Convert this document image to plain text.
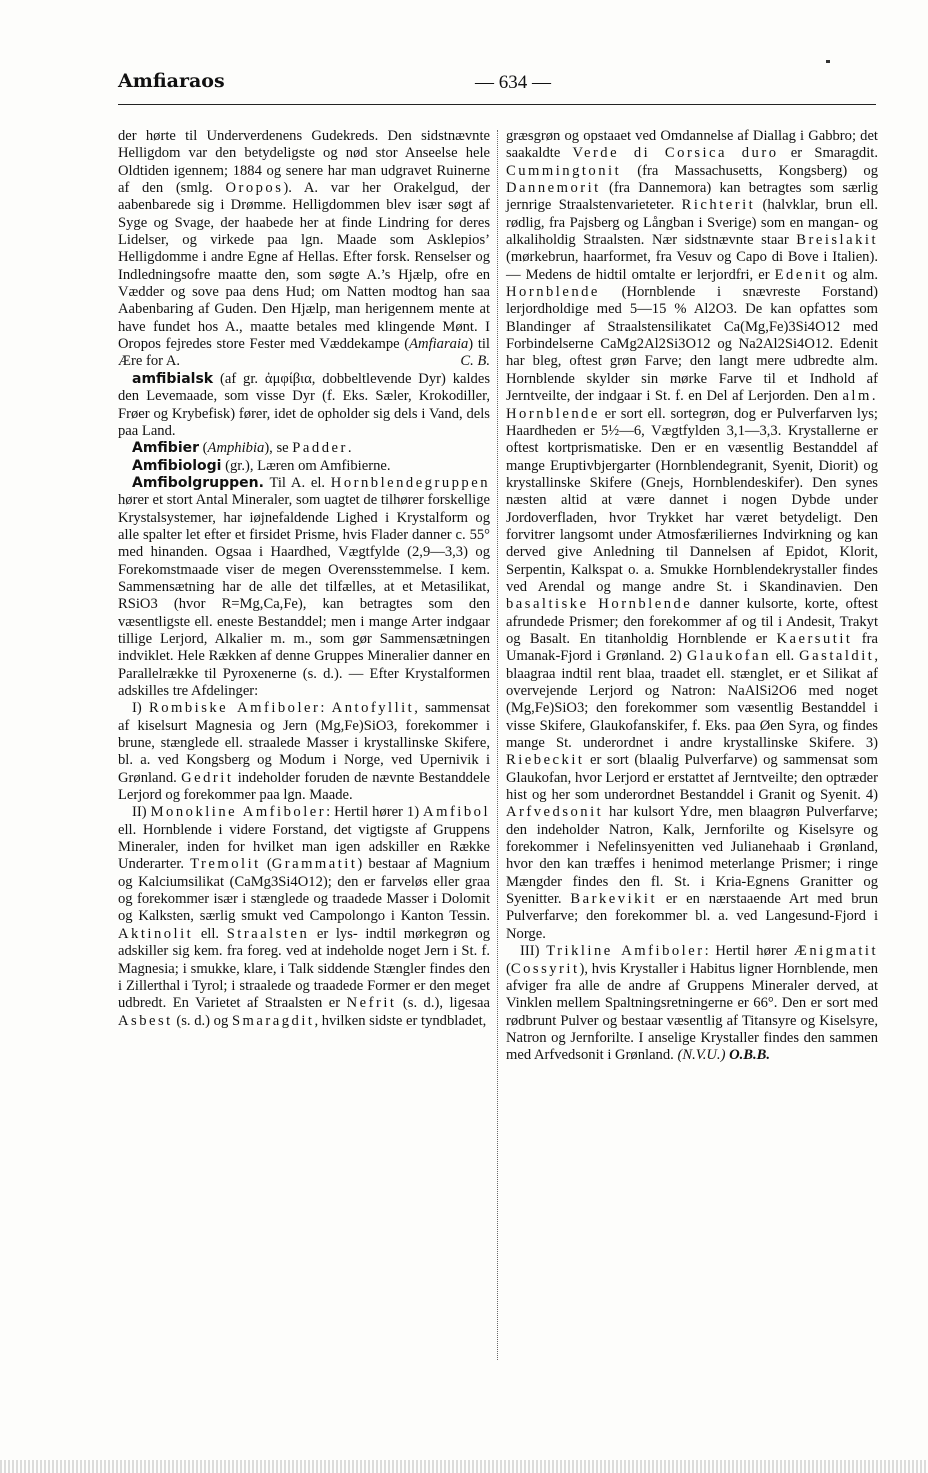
Amfiaraos	— 634 —

der hørte til Underverdenens Gudekreds. Den sidstnævnte Helligdom var den betydeligste og nød stor Anseelse hele Oldtiden igennem; 1884 og senere har man udgravet Ruinerne af den (smlg. Oropos). A. var her Orakelgud, der aabenbarede sig i Drømme. Helligdommen blev især søgt af Syge og Svage, der haabede her at finde Lindring for deres Lidelser, og virkede paa lgn. Maade som Asklepios’ Helligdomme i andre Egne af Hellas. Efter forsk. Renselser og Indledningsofre maatte den, som søgte A.’s Hjælp, ofre en Vædder og sove paa dens Hud; om Natten modtog han saa Aabenbaring af Guden. Den Hjælp, man herigennem mente at have fundet hos A., maatte betales med klingende Mønt. I Oropos fejredes store Fester med Væddekampe (Amfiaraia) til Ære for A.	C. B.

amfibialsk (af gr. ἀμφίβια, dobbeltlevende Dyr) kaldes den Levemaade, som visse Dyr (f. Eks. Sæler, Krokodiller, Frøer og Krybefisk) fører, idet de opholder sig dels i Vand, dels paa Land.

Amfibier (Amphibia), se Padder.

Amfibiologi (gr.), Læren om Amfibierne.

Amfibolgruppen. Til A. el. Hornblendegruppen hører et stort Antal Mineraler, som uagtet de tilhører forskellige Krystalsystemer, har iøjnefaldende Lighed i Krystalform og alle spalter let efter et firsidet Prisme, hvis Flader danner c. 55° med hinanden. Ogsaa i Haardhed, Vægtfylde (2,9—3,3) og Forekomstmaade viser de megen Overensstemmelse. I kem. Sammensætning har de alle det tilfælles, at et Metasilikat, RSiO3 (hvor R=Mg,Ca,Fe), kan betragtes som den væsentligste ell. eneste Bestanddel; men i mange Arter indgaar tillige Lerjord, Alkalier m. m., som gør Sammensætningen indviklet. Hele Rækken af denne Gruppes Mineralier danner en Parallelrække til Pyroxenerne (s. d.). — Efter Krystalformen adskilles tre Afdelinger:

I) Rombiske Amfiboler: Antofyllit, sammensat af kiselsurt Magnesia og Jern (Mg,Fe)SiO3, forekommer i brune, stænglede ell. straalede Masser i krystallinske Skifere, bl. a. ved Kongsberg og Modum i Norge, ved Upernivik i Grønland. Gedrit indeholder foruden de nævnte Bestanddele Lerjord og forekommer paa lgn. Maade.

II) Monokline Amfiboler: Hertil hører 1) Amfibol ell. Hornblende i videre Forstand, det vigtigste af Gruppens Mineraler, inden for hvilket man igen adskiller en Række Underarter. Tremolit (Grammatit) bestaar af Magnium og Kalciumsilikat (CaMg3Si4O12); den er farveløs eller graa og forekommer især i stænglede og traadede Masser i Dolomit og Kalksten, særlig smukt ved Campolongo i Kanton Tessin. Aktinolit ell. Straalsten er lys- indtil mørkegrøn og adskiller sig kem. fra foreg. ved at indeholde noget Jern i St. f. Magnesia; i smukke, klare, i Talk siddende Stængler findes den i Zillerthal i Tyrol; i straalede og traadede Former er den meget udbredt. En Varietet af Straalsten er Nefrit (s. d.), ligesaa Asbest (s. d.) og Smaragdit, hvilken sidste er tyndbladet,

græsgrøn og opstaaet ved Omdannelse af Diallag i Gabbro; det saakaldte Verde di Corsica duro er Smaragdit. Cummingtonit (fra Massachusetts, Kongsberg) og Dannemorit (fra Dannemora) kan betragtes som særlig jernrige Straalstenvarieteter. Richterit (halvklar, brun ell. rødlig, fra Pajsberg og Långban i Sverige) som en mangan- og alkaliholdig Straalsten. Nær sidstnævnte staar Breislakit (mørkebrun, haarformet, fra Vesuv og Capo di Bove i Italien). — Medens de hidtil omtalte er lerjordfri, er Edenit og alm. Hornblende (Hornblende i snævreste Forstand) lerjordholdige med 5—15 % Al2O3. De kan opfattes som Blandinger af Straalstensilikatet Ca(Mg,Fe)3Si4O12 med Forbindelserne CaMg2Al2Si3O12 og Na2Al2Si4O12. Edenit har bleg, oftest grøn Farve; den langt mere udbredte alm. Hornblende skylder sin mørke Farve til et Indhold af Jerntveilte, der indgaar i St. f. en Del af Lerjorden. Den alm. Hornblende er sort ell. sortegrøn, dog er Pulverfarven lys; Haardheden er 5½—6, Vægtfylden 3,1—3,3. Krystallerne er oftest kortprismatiske. Den er en væsentlig Bestanddel af mange Eruptivbjergarter (Hornblendegranit, Syenit, Diorit) og krystallinske Skifere (Gnejs, Hornblendeskifer). Den synes næsten altid at være dannet i nogen Dybde under Jordoverfladen, hvor Trykket har været betydeligt. Den forvitrer langsomt under Atmosfæriliernes Indvirkning og kan derved give Anledning til Dannelsen af Epidot, Klorit, Serpentin, Kalkspat o. a. Smukke Hornblendekrystaller findes ved Arendal og mange andre St. i Skandinavien. Den basaltiske Hornblende danner kulsorte, korte, oftest afrundede Prismer; den forekommer af og til i Andesit, Trakyt og Basalt. En titanholdig Hornblende er Kaersutit fra Umanak-Fjord i Grønland. 2) Glaukofan ell. Gastaldit, blaagraa indtil rent blaa, traadet ell. stænglet, er et Silikat af overvejende Lerjord og Natron: NaAlSi2O6 med noget (Mg,Fe)SiO3; den forekommer som væsentlig Bestanddel i visse Skifere, Glaukofanskifer, f. Eks. paa Øen Syra, og findes mange St. underordnet i andre krystallinske Skifere. 3) Riebeckit er sort (blaalig Pulverfarve) og sammensat som Glaukofan, hvor Lerjord er erstattet af Jerntveilte; den optræder hist og her som underordnet Bestanddel i Granit og Syenit. 4) Arfvedsonit har kulsort Ydre, men blaagrøn Pulverfarve; den indeholder Natron, Kalk, Jernforilte og Kiselsyre og forekommer i Nefelinsyenitten ved Julianehaab i Grønland, hvor den kan træffes i henimod meterlange Prismer; i ringe Mængder findes den fl. St. i Kria-Egnens Granitter og Syenitter. Barkevikit er en nærstaaende Art med brun Pulverfarve; den forekommer bl. a. ved Langesund-Fjord i Norge.

III) Trikline Amfiboler: Hertil hører Ænigmatit (Cossyrit), hvis Krystaller i Habitus ligner Hornblende, men afviger fra alle de andre af Gruppens Mineraler derved, at Vinklen mellem Spaltningsretningerne er 66°. Den er sort med rødbrunt Pulver og bestaar væsentlig af Titansyre og Kiselsyre, Natron og Jernforilte. I anselige Krystaller findes den sammen med Arfvedsonit i Grønland. (N.V.U.) O.B.B.
